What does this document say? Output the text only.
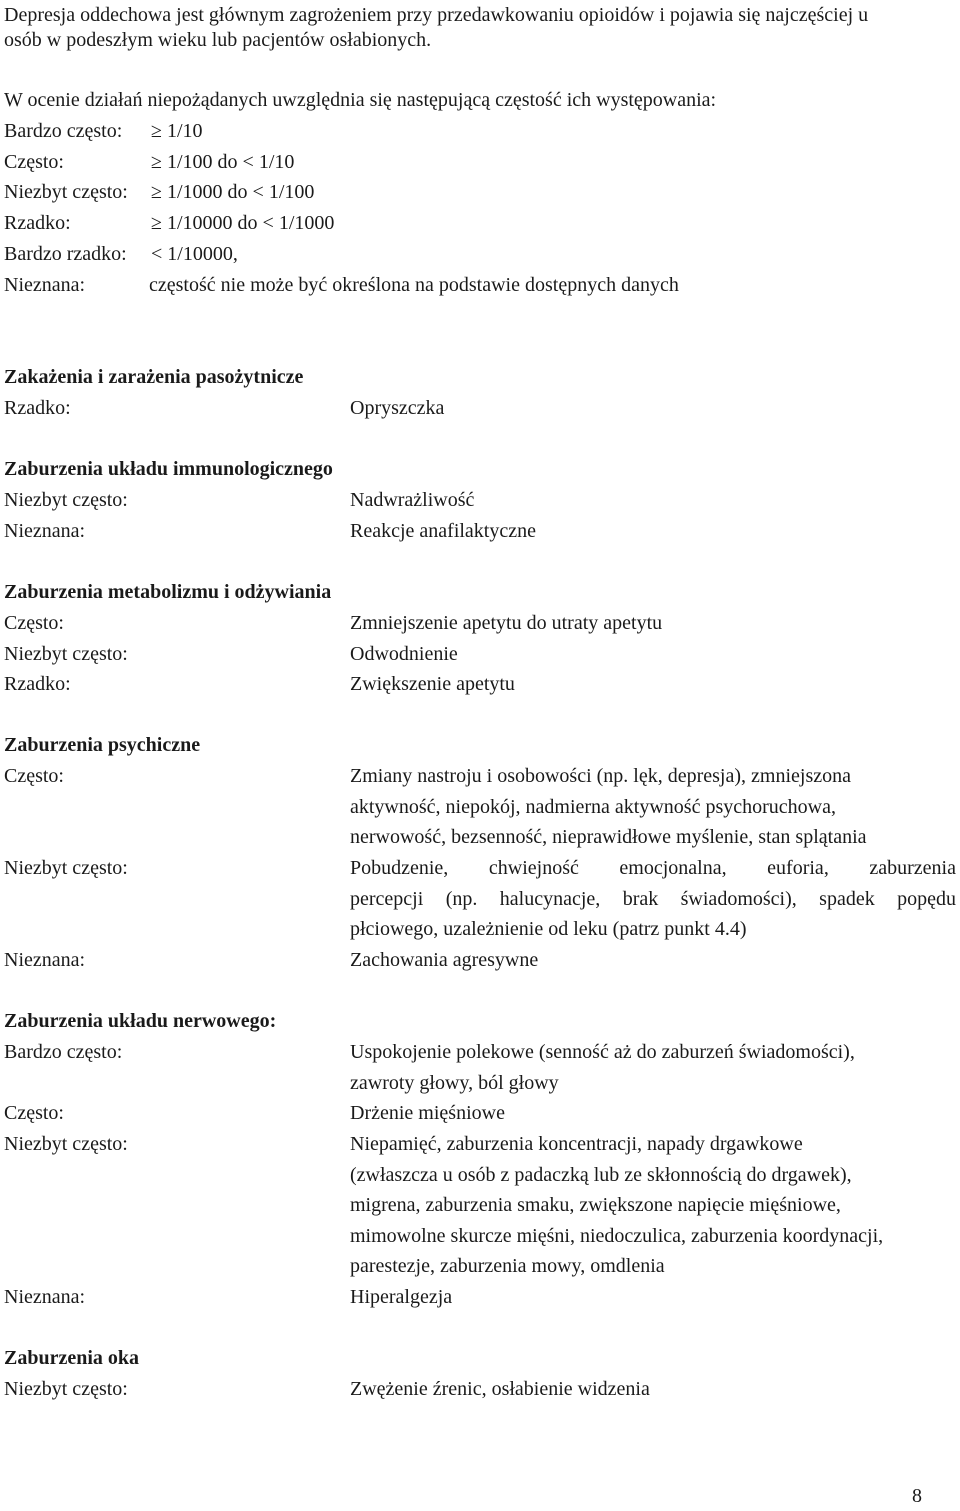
Depresja oddechowa jest głównym zagrożeniem przy przedawkowaniu opioidów i pojawia się najczęściej u
osób w podeszłym wieku lub pacjentów osłabionych.
W ocenie działań niepożądanych uwzględnia się następującą częstość ich występowania:
Bardzo często: ≥ 1/10
Często:	≥ 1/100 do < 1/10
Niezbyt często: ≥ 1/1000 do < 1/100
Rzadko:	≥ 1/10000 do < 1/1000
Bardzo rzadko: < 1/10000,
Nieznana:	częstość nie może być określona na podstawie dostępnych danych
Zakażenia i zarażenia pasożytnicze
Rzadko:	Opryszczka
Zaburzenia układu immunologicznego
Niezbyt często:	Nadwrażliwość
Nieznana:	Reakcje anafilaktyczne
Zaburzenia metabolizmu i odżywiania
Często:	Zmniejszenie apetytu do utraty apetytu
Niezbyt często:	Odwodnienie
Rzadko:	Zwiększenie apetytu
Zaburzenia psychiczne
Często:	Zmiany nastroju i osobowości (np. lęk, depresja), zmniejszona
aktywność, niepokój, nadmierna aktywność psychoruchowa,
nerwowość, bezsenność, nieprawidłowe myślenie, stan splątania
Niezbyt często:	Pobudzenie, chwiejność emocjonalna, euforia, zaburzenia
percepcji (np. halucynacje, brak świadomości), spadek popędu
płciowego, uzależnienie od leku (patrz punkt 4.4)
Nieznana:	Zachowania agresywne
Zaburzenia układu nerwowego:
Bardzo często:	Uspokojenie polekowe (senność aż do zaburzeń świadomości),
zawroty głowy, ból głowy
Często:	Drżenie mięśniowe
Niezbyt często:	Niepamięć, zaburzenia koncentracji, napady drgawkowe
(zwłaszcza u osób z padaczką lub ze skłonnością do drgawek),
migrena, zaburzenia smaku, zwiększone napięcie mięśniowe,
mimowolne skurcze mięśni, niedoczulica, zaburzenia koordynacji,
parestezje, zaburzenia mowy, omdlenia
Nieznana:	Hiperalgezja
Zaburzenia oka
Niezbyt często:	Zwężenie źrenic, osłabienie widzenia
8
